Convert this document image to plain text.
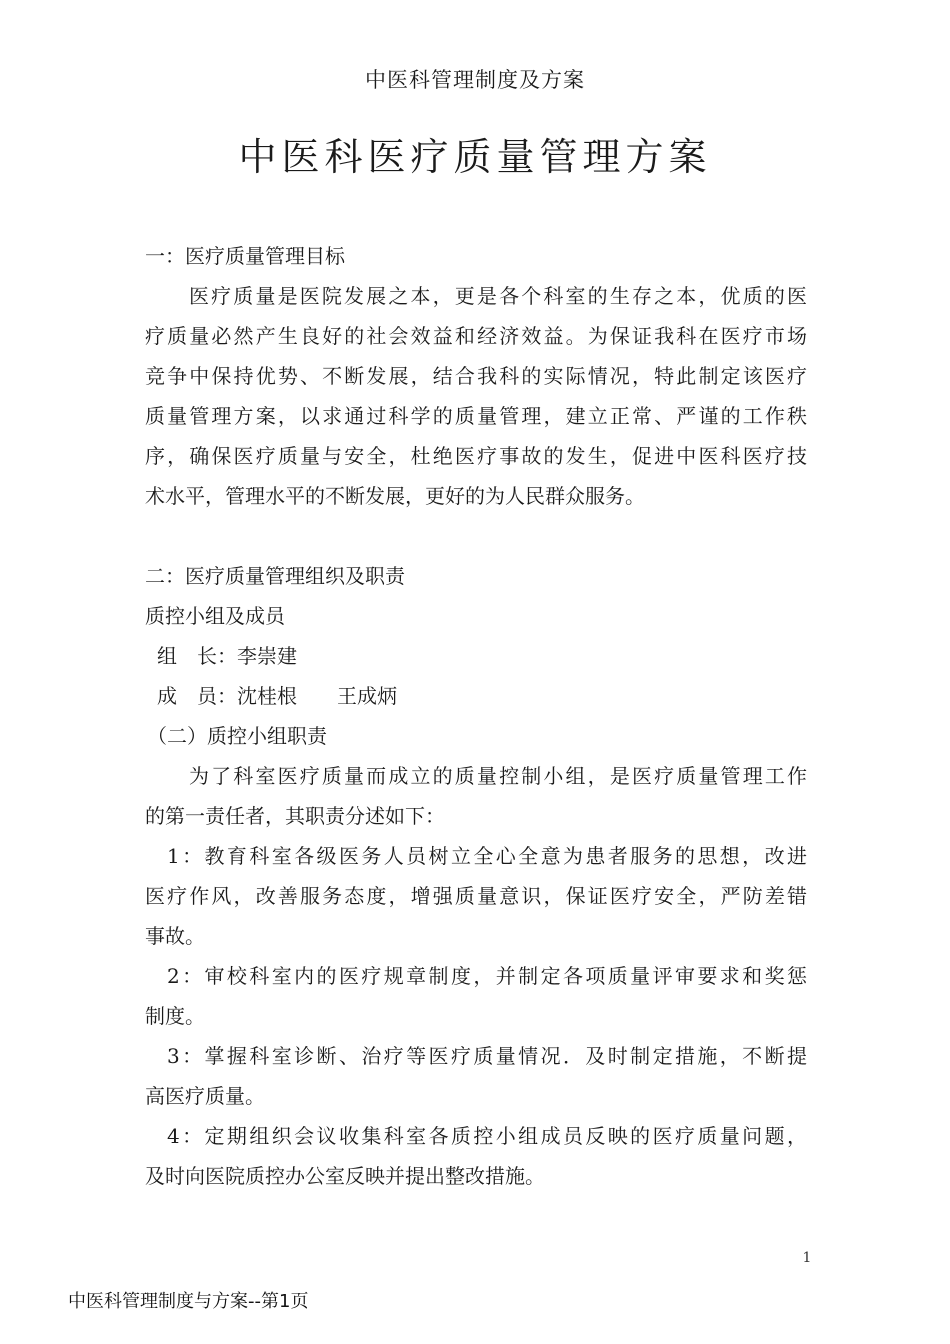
中医科管理制度及方案
中医科医疗质量管理方案
一：医疗质量管理目标
医疗质量是医院发展之本，更是各个科室的生存之本，优质的医
疗质量必然产生良好的社会效益和经济效益。为保证我科在医疗市场
竞争中保持优势、不断发展，结合我科的实际情况，特此制定该医疗
质量管理方案，以求通过科学的质量管理，建立正常、严谨的工作秩
序，确保医疗质量与安全，杜绝医疗事故的发生，促进中医科医疗技
术水平，管理水平的不断发展，更好的为人民群众服务。
二：医疗质量管理组织及职责
质控小组及成员
组　长：李崇建
成　员：沈桂根　　王成炳
（二）质控小组职责
为了科室医疗质量而成立的质量控制小组，是医疗质量管理工作
的第一责任者，其职责分述如下：
1：教育科室各级医务人员树立全心全意为患者服务的思想，改进
医疗作风，改善服务态度，增强质量意识，保证医疗安全，严防差错
事故。
2：审校科室内的医疗规章制度，并制定各项质量评审要求和奖惩
制度。
3：掌握科室诊断、治疗等医疗质量情况．及时制定措施，不断提
高医疗质量。
4：定期组织会议收集科室各质控小组成员反映的医疗质量问题，
及时向医院质控办公室反映并提出整改措施。
1
中医科管理制度与方案--第1页
